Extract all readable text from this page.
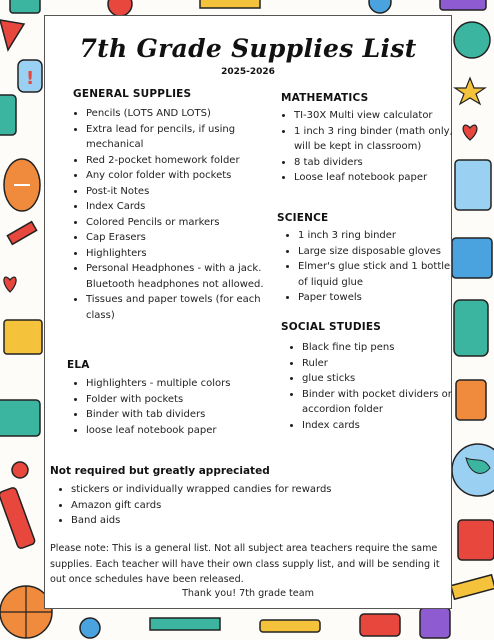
!
7th Grade Supplies List
2025-2026
GENERAL SUPPLIES
• Pencils (LOTS AND LOTS)
• Extra lead for pencils, if using mechanical
• Red 2-pocket homework folder
• Any color folder with pockets
• Post-it Notes
• Index Cards
• Colored Pencils or markers
• Cap Erasers
• Highlighters
• Personal Headphones - with a jack. Bluetooth headphones not allowed.
• Tissues and paper towels (for each class)
ELA
• Highlighters - multiple colors
• Folder with pockets
• Binder with tab dividers
• loose leaf notebook paper
MATHEMATICS
• TI-30X Multi view calculator
• 1 inch 3 ring binder (math only, will be kept in classroom)
• 8 tab dividers
• Loose leaf notebook paper
SCIENCE
• 1 inch 3 ring binder
• Large size disposable gloves
• Elmer's glue stick and 1 bottle of liquid glue
• Paper towels
SOCIAL STUDIES
• Black fine tip pens
• Ruler
• glue sticks
• Binder with pocket dividers or accordion folder
• Index cards
Not required but greatly appreciated
• stickers or individually wrapped candies for rewards
• Amazon gift cards
• Band aids
Please note: This is a general list. Not all subject area teachers require the same supplies. Each teacher will have their own class supply list, and will be sending it out once schedules have been released.
Thank you! 7th grade team
